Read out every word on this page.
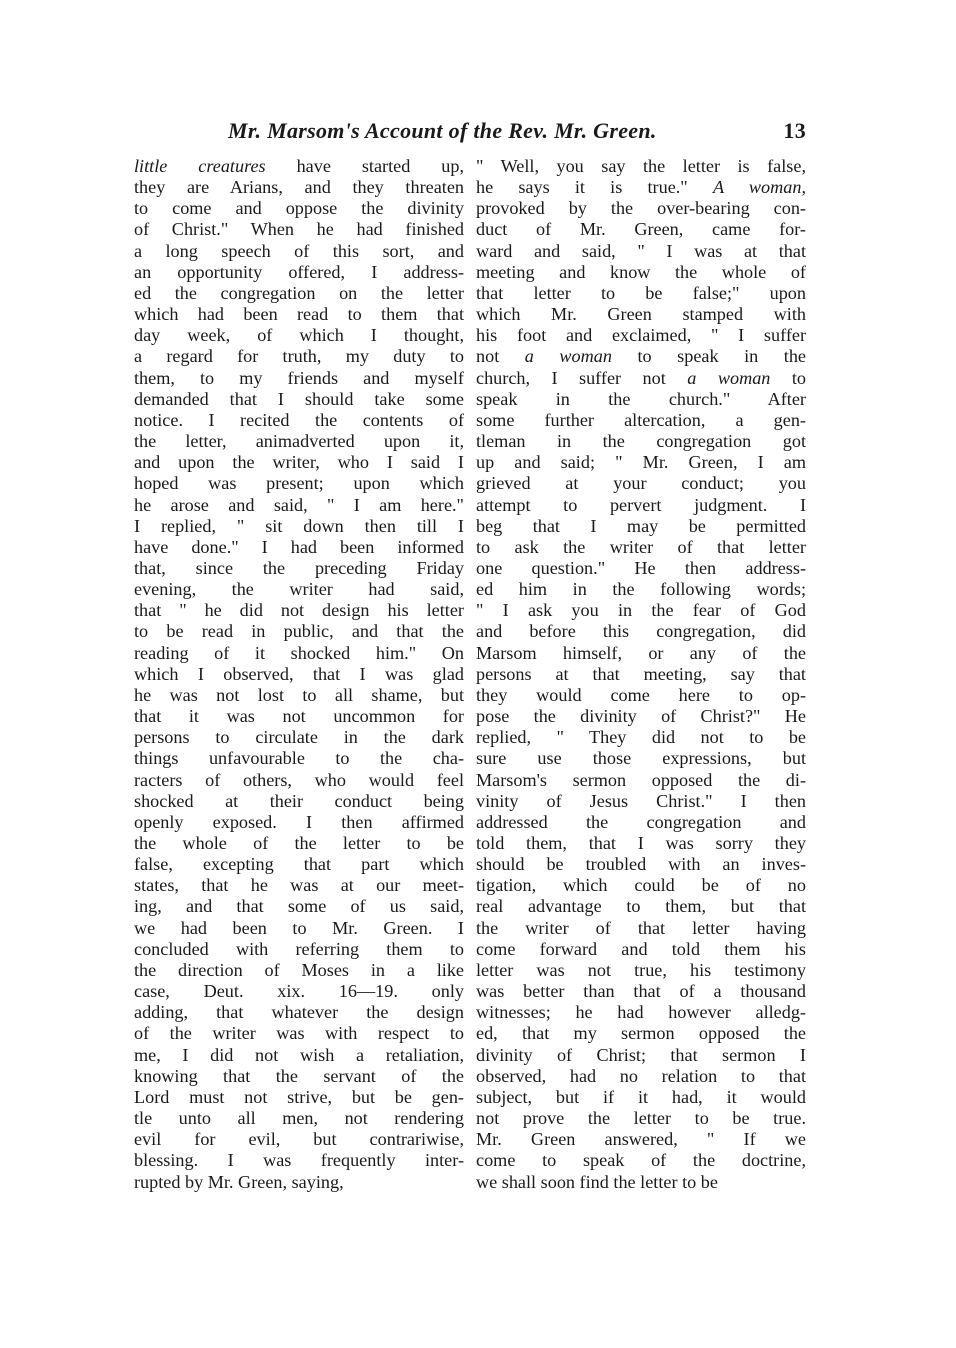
Mr. Marsom's Account of the Rev. Mr. Green.	13
little creatures have started up,
they are Arians, and they threaten
to come and oppose the divinity
of Christ." When he had finished
a long speech of this sort, and
an opportunity offered, I address-
ed the congregation on the letter
which had been read to them that
day week, of which I thought,
a regard for truth, my duty to
them, to my friends and myself
demanded that I should take some
notice. I recited the contents of
the letter, animadverted upon it,
and upon the writer, who I said I
hoped was present; upon which
he arose and said, " I am here."
I replied, " sit down then till I
have done." I had been informed
that, since the preceding Friday
evening, the writer had said,
that " he did not design his letter
to be read in public, and that the
reading of it shocked him." On
which I observed, that I was glad
he was not lost to all shame, but
that it was not uncommon for
persons to circulate in the dark
things unfavourable to the cha-
racters of others, who would feel
shocked at their conduct being
openly exposed. I then affirmed
the whole of the letter to be
false, excepting that part which
states, that he was at our meet-
ing, and that some of us said,
we had been to Mr. Green. I
concluded with referring them to
the direction of Moses in a like
case, Deut. xix. 16—19. only
adding, that whatever the design
of the writer was with respect to
me, I did not wish a retaliation,
knowing that the servant of the
Lord must not strive, but be gen-
tle unto all men, not rendering
evil for evil, but contrariwise,
blessing. I was frequently inter-
rupted by Mr. Green, saying,
" Well, you say the letter is false,
he says it is true." A woman,
provoked by the over-bearing con-
duct of Mr. Green, came for-
ward and said, " I was at that
meeting and know the whole of
that letter to be false;" upon
which Mr. Green stamped with
his foot and exclaimed, " I suffer
not a woman to speak in the
church, I suffer not a woman to
speak in the church." After
some further altercation, a gen-
tleman in the congregation got
up and said; " Mr. Green, I am
grieved at your conduct; you
attempt to pervert judgment. I
beg that I may be permitted
to ask the writer of that letter
one question." He then address-
ed him in the following words;
" I ask you in the fear of God
and before this congregation, did
Marsom himself, or any of the
persons at that meeting, say that
they would come here to op-
pose the divinity of Christ?" He
replied, " They did not to be
sure use those expressions, but
Marsom's sermon opposed the di-
vinity of Jesus Christ." I then
addressed the congregation and
told them, that I was sorry they
should be troubled with an inves-
tigation, which could be of no
real advantage to them, but that
the writer of that letter having
come forward and told them his
letter was not true, his testimony
was better than that of a thousand
witnesses; he had however alledg-
ed, that my sermon opposed the
divinity of Christ; that sermon I
observed, had no relation to that
subject, but if it had, it would
not prove the letter to be true.
Mr. Green answered, " If we
come to speak of the doctrine,
we shall soon find the letter to be
